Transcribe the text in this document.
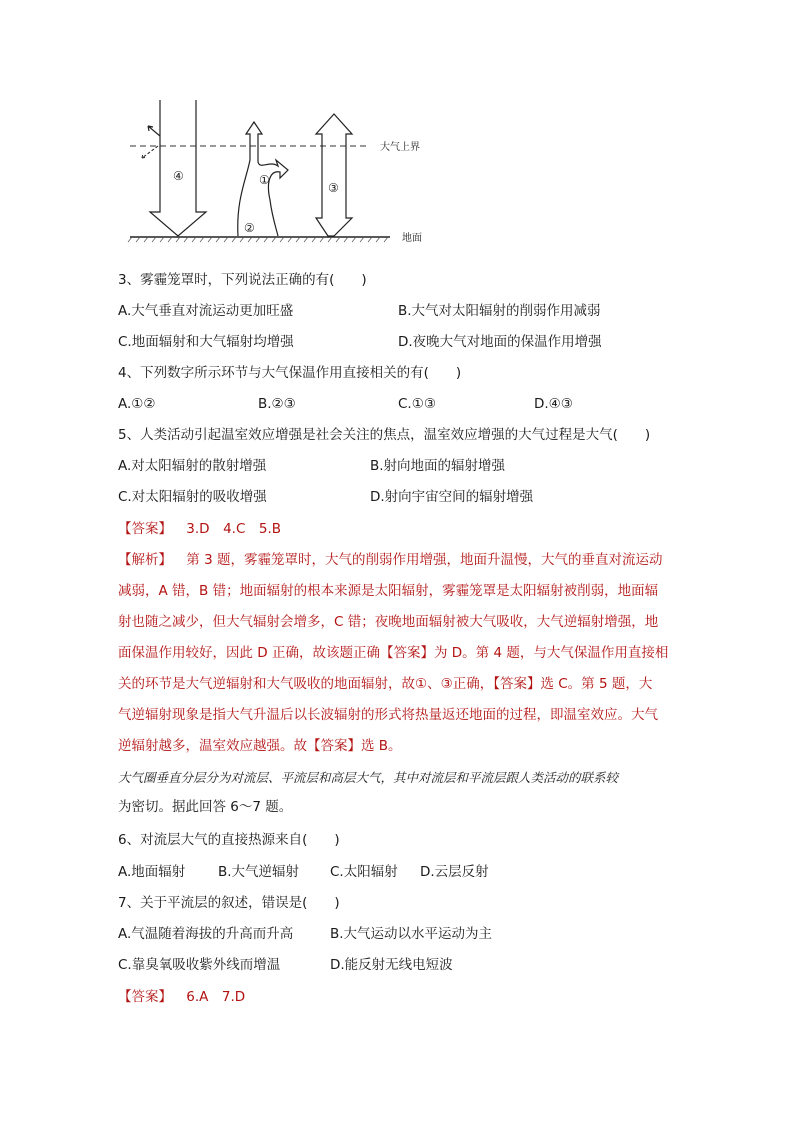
④	①
②
③
大气上界
地面
3、雾霾笼罩时，下列说法正确的有(　　)
A.大气垂直对流运动更加旺盛	B.大气对太阳辐射的削弱作用减弱
C.地面辐射和大气辐射均增强	D.夜晚大气对地面的保温作用增强
4、下列数字所示环节与大气保温作用直接相关的有(　　)
A.①②	B.②③	C.①③	D.④③
5、人类活动引起温室效应增强是社会关注的焦点，温室效应增强的大气过程是大气(　　)
A.对太阳辐射的散射增强	B.射向地面的辐射增强
C.对太阳辐射的吸收增强	D.射向宇宙空间的辐射增强
【答案】 3.D　4.C　5.B
【解析】 第 3 题，雾霾笼罩时，大气的削弱作用增强，地面升温慢，大气的垂直对流运动
减弱，A 错，B 错；地面辐射的根本来源是太阳辐射，雾霾笼罩是太阳辐射被削弱，地面辐
射也随之减少，但大气辐射会增多，C 错；夜晚地面辐射被大气吸收，大气逆辐射增强，地
面保温作用较好，因此 D 正确，故该题正确【答案】为 D。第 4 题，与大气保温作用直接相
关的环节是大气逆辐射和大气吸收的地面辐射，故①、③正确，【答案】选 C。第 5 题，大
气逆辐射现象是指大气升温后以长波辐射的形式将热量返还地面的过程，即温室效应。大气
逆辐射越多，温室效应越强。故【答案】选 B。
大气圈垂直分层分为对流层、平流层和高层大气，其中对流层和平流层跟人类活动的联系较
为密切。据此回答 6～7 题。
6、对流层大气的直接热源来自(　　)
A.地面辐射 B.大气逆辐射 C.太阳辐射 D.云层反射
7、关于平流层的叙述，错误是(　　)
A.气温随着海拔的升高而升高	B.大气运动以水平运动为主
C.靠臭氧吸收紫外线而增温	D.能反射无线电短波
【答案】 6.A　7.D
